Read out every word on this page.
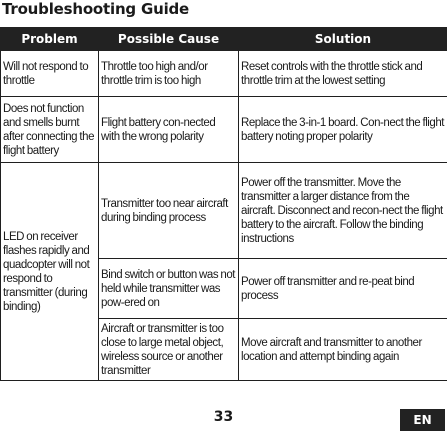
Troubleshooting Guide
Problem	Possible Cause	Solution
Will not respond to throttle	Throttle too high and/or throttle trim is too high	Reset controls with the throttle stick and throttle trim at the lowest setting
Does not function and smells burnt after connecting the flight battery	Flight battery con-nected with the wrong polarity	Replace the 3-in-1 board. Con-nect the flight battery noting proper polarity
LED on receiver flashes rapidly and quadcopter will not respond to transmitter (during binding)	Transmitter too near aircraft during binding process	Power off the transmitter. Move the transmitter a larger distance from the aircraft. Disconnect and recon-nect the flight battery to the aircraft. Follow the binding instructions
	Bind switch or button was not held while transmitter was pow-ered on	Power off transmitter and re-peat bind process
	Aircraft or transmitter is too close to large metal object, wireless source or another transmitter	Move aircraft and transmitter to another location and attempt binding again
33	EN
